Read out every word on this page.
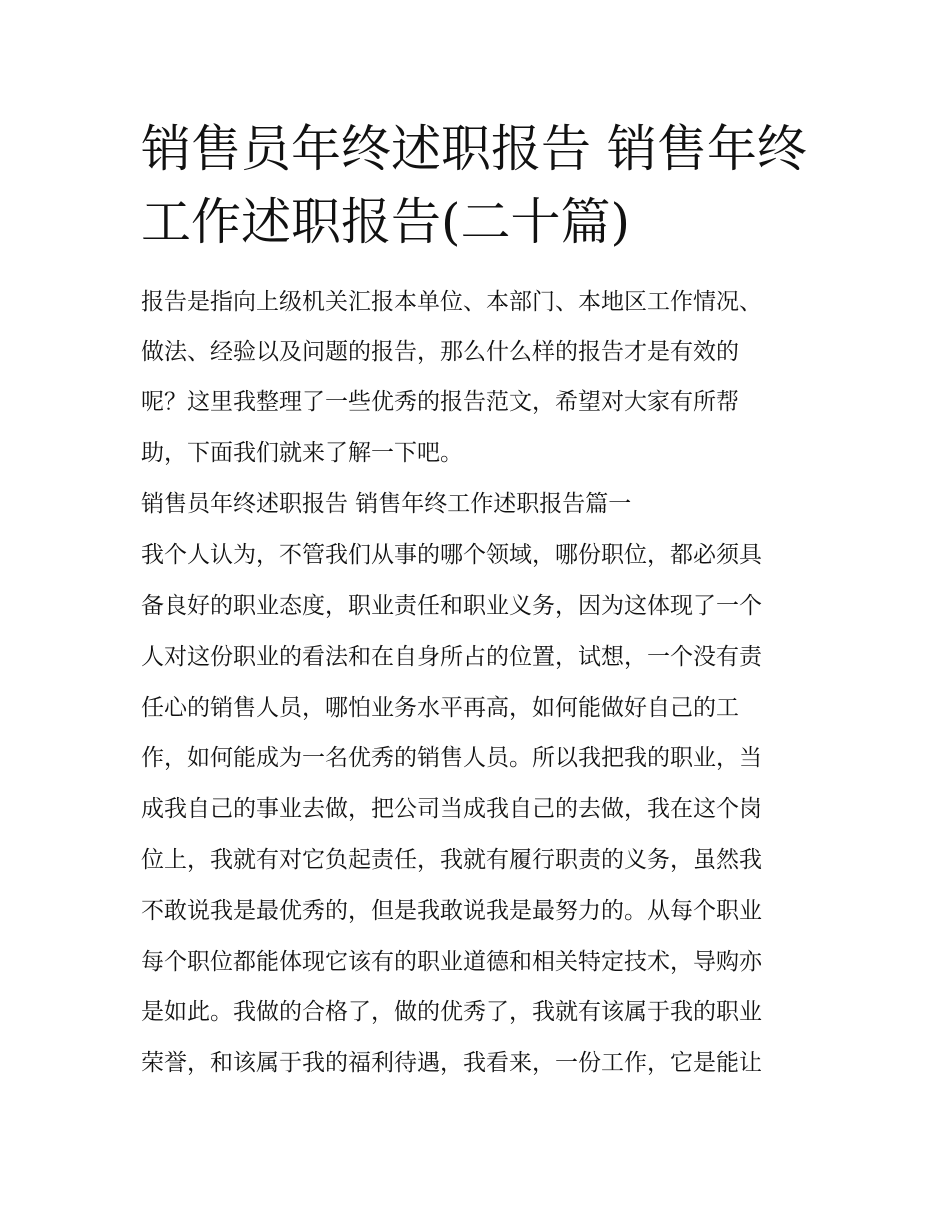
销售员年终述职报告 销售年终
工作述职报告(二十篇)

报告是指向上级机关汇报本单位、本部门、本地区工作情况、

做法、经验以及问题的报告，那么什么样的报告才是有效的

呢？这里我整理了一些优秀的报告范文，希望对大家有所帮

助，下面我们就来了解一下吧。

销售员年终述职报告 销售年终工作述职报告篇一

我个人认为，不管我们从事的哪个领域，哪份职位，都必须具

备良好的职业态度，职业责任和职业义务，因为这体现了一个

人对这份职业的看法和在自身所占的位置，试想，一个没有责

任心的销售人员，哪怕业务水平再高，如何能做好自己的工

作，如何能成为一名优秀的销售人员。所以我把我的职业，当

成我自己的事业去做，把公司当成我自己的去做，我在这个岗

位上，我就有对它负起责任，我就有履行职责的义务，虽然我

不敢说我是最优秀的，但是我敢说我是最努力的。从每个职业

每个职位都能体现它该有的职业道德和相关特定技术，导购亦

是如此。我做的合格了，做的优秀了，我就有该属于我的职业

荣誉，和该属于我的福利待遇，我看来，一份工作，它是能让
